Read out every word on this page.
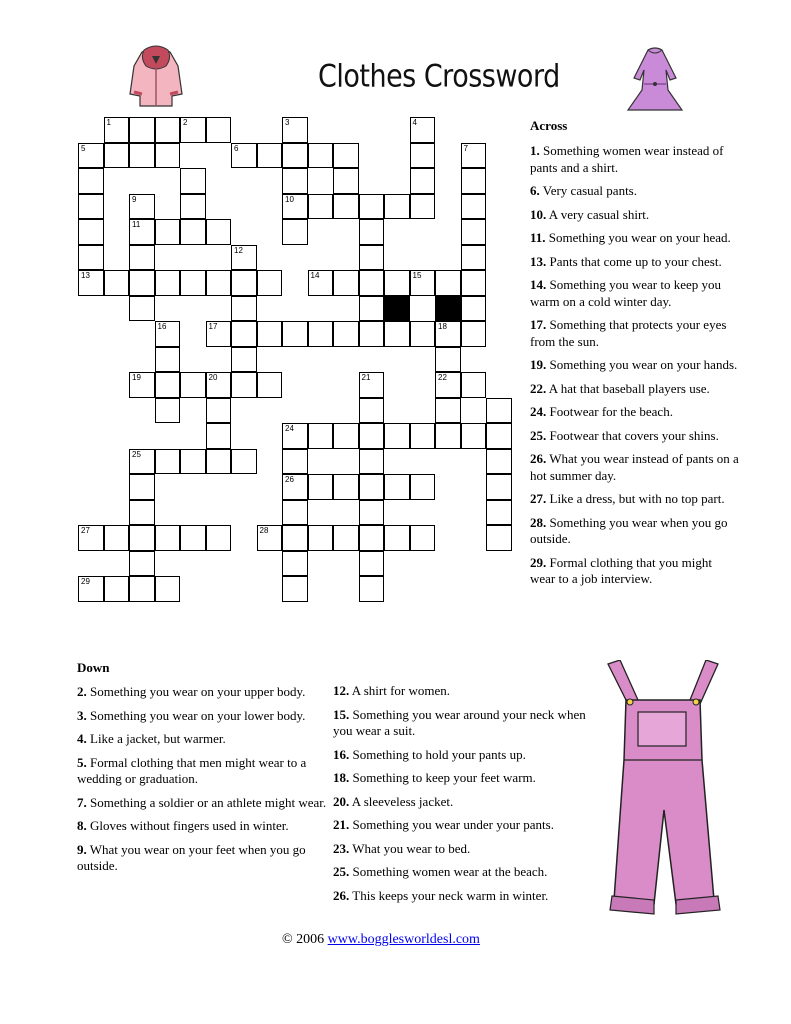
Clothes Crossword
1	2	3	4
5	6	7
9	10
11
12
13	14	15
16	17	18
19	20	21	22
24
25
26
27	28
29
Across
1. Something women wear instead of pants and a shirt.
6. Very casual pants.
10. A very casual shirt.
11. Something you wear on your head.
13. Pants that come up to your chest.
14. Something you wear to keep you warm on a cold winter day.
17. Something that protects your eyes from the sun.
19. Something you wear on your hands.
22. A hat that baseball players use.
24. Footwear for the beach.
25. Footwear that covers your shins.
26. What you wear instead of pants on a hot summer day.
27. Like a dress, but with no top part.
28. Something you wear when you go outside.
29. Formal clothing that you might wear to a job interview.
Down
2. Something you wear on your upper body.
3. Something you wear on your lower body.
4. Like a jacket, but warmer.
5. Formal clothing that men might wear to a wedding or graduation.
7. Something a soldier or an athlete might wear.
8. Gloves without fingers used in winter.
9. What you wear on your feet when you go outside.
12. A shirt for women.
15. Something you wear around your neck when you wear a suit.
16. Something to hold your pants up.
18. Something to keep your feet warm.
20. A sleeveless jacket.
21. Something you wear under your pants.
23. What you wear to bed.
25. Something women wear at the beach.
26. This keeps your neck warm in winter.
© 2006 www.bogglesworldesl.com
